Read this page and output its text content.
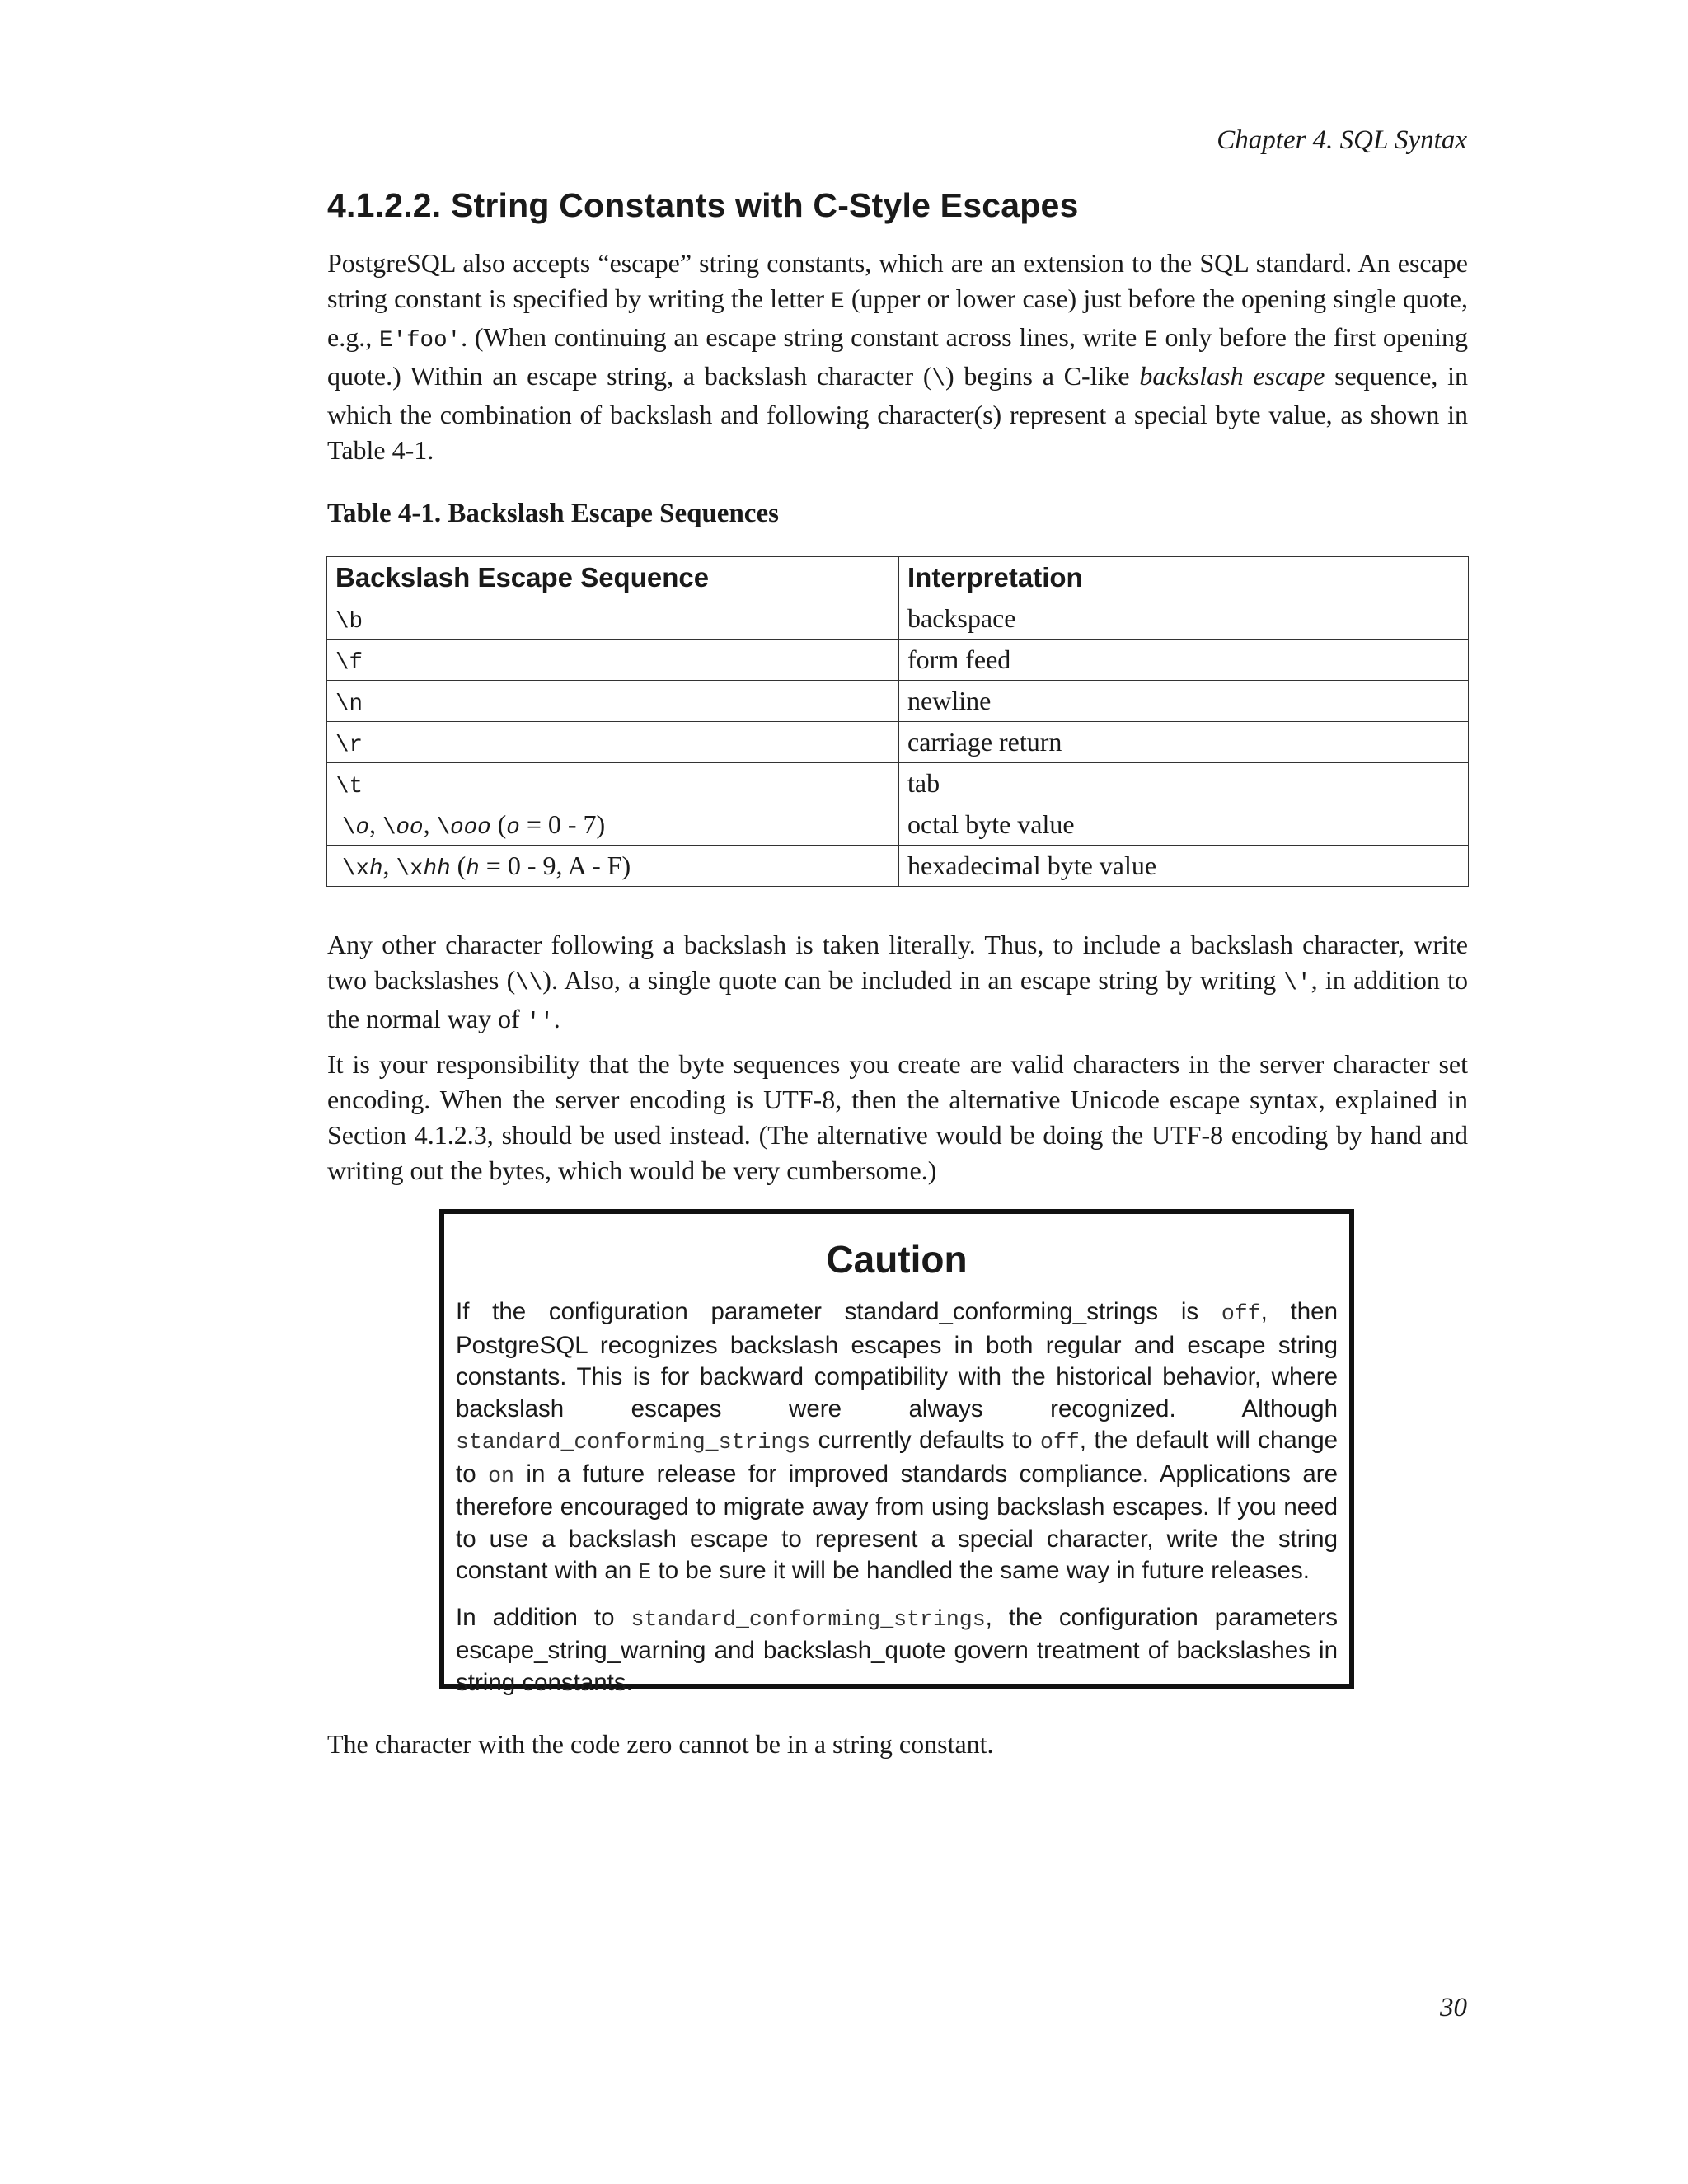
Chapter 4. SQL Syntax
4.1.2.2. String Constants with C-Style Escapes

PostgreSQL also accepts “escape” string constants, which are an extension to the SQL standard. An escape string constant is specified by writing the letter E (upper or lower case) just before the opening single quote, e.g., E'foo'. (When continuing an escape string constant across lines, write E only before the first opening quote.) Within an escape string, a backslash character (\) begins a C-like backslash escape sequence, in which the combination of backslash and following character(s) represent a special byte value, as shown in Table 4-1.

Table 4-1. Backslash Escape Sequences
Backslash Escape Sequence	Interpretation
\b	backspace
\f	form feed
\n	newline
\r	carriage return
\t	tab
\o, \oo, \ooo (o = 0 - 7)	octal byte value
\xh, \xhh (h = 0 - 9, A - F)	hexadecimal byte value

Any other character following a backslash is taken literally. Thus, to include a backslash character, write two backslashes (\\). Also, a single quote can be included in an escape string by writing \', in addition to the normal way of ''.

It is your responsibility that the byte sequences you create are valid characters in the server character set encoding. When the server encoding is UTF-8, then the alternative Unicode escape syntax, explained in Section 4.1.2.3, should be used instead. (The alternative would be doing the UTF-8 encoding by hand and writing out the bytes, which would be very cumbersome.)

Caution

If the configuration parameter standard_conforming_strings is off, then PostgreSQL recognizes backslash escapes in both regular and escape string constants. This is for backward compatibility with the historical behavior, where backslash escapes were always recognized. Although standard_conforming_strings currently defaults to off, the default will change to on in a future release for improved standards compliance. Applications are therefore encouraged to migrate away from using backslash escapes. If you need to use a backslash escape to represent a special character, write the string constant with an E to be sure it will be handled the same way in future releases.

In addition to standard_conforming_strings, the configuration parameters escape_string_warning and backslash_quote govern treatment of backslashes in string constants.

The character with the code zero cannot be in a string constant.

30
